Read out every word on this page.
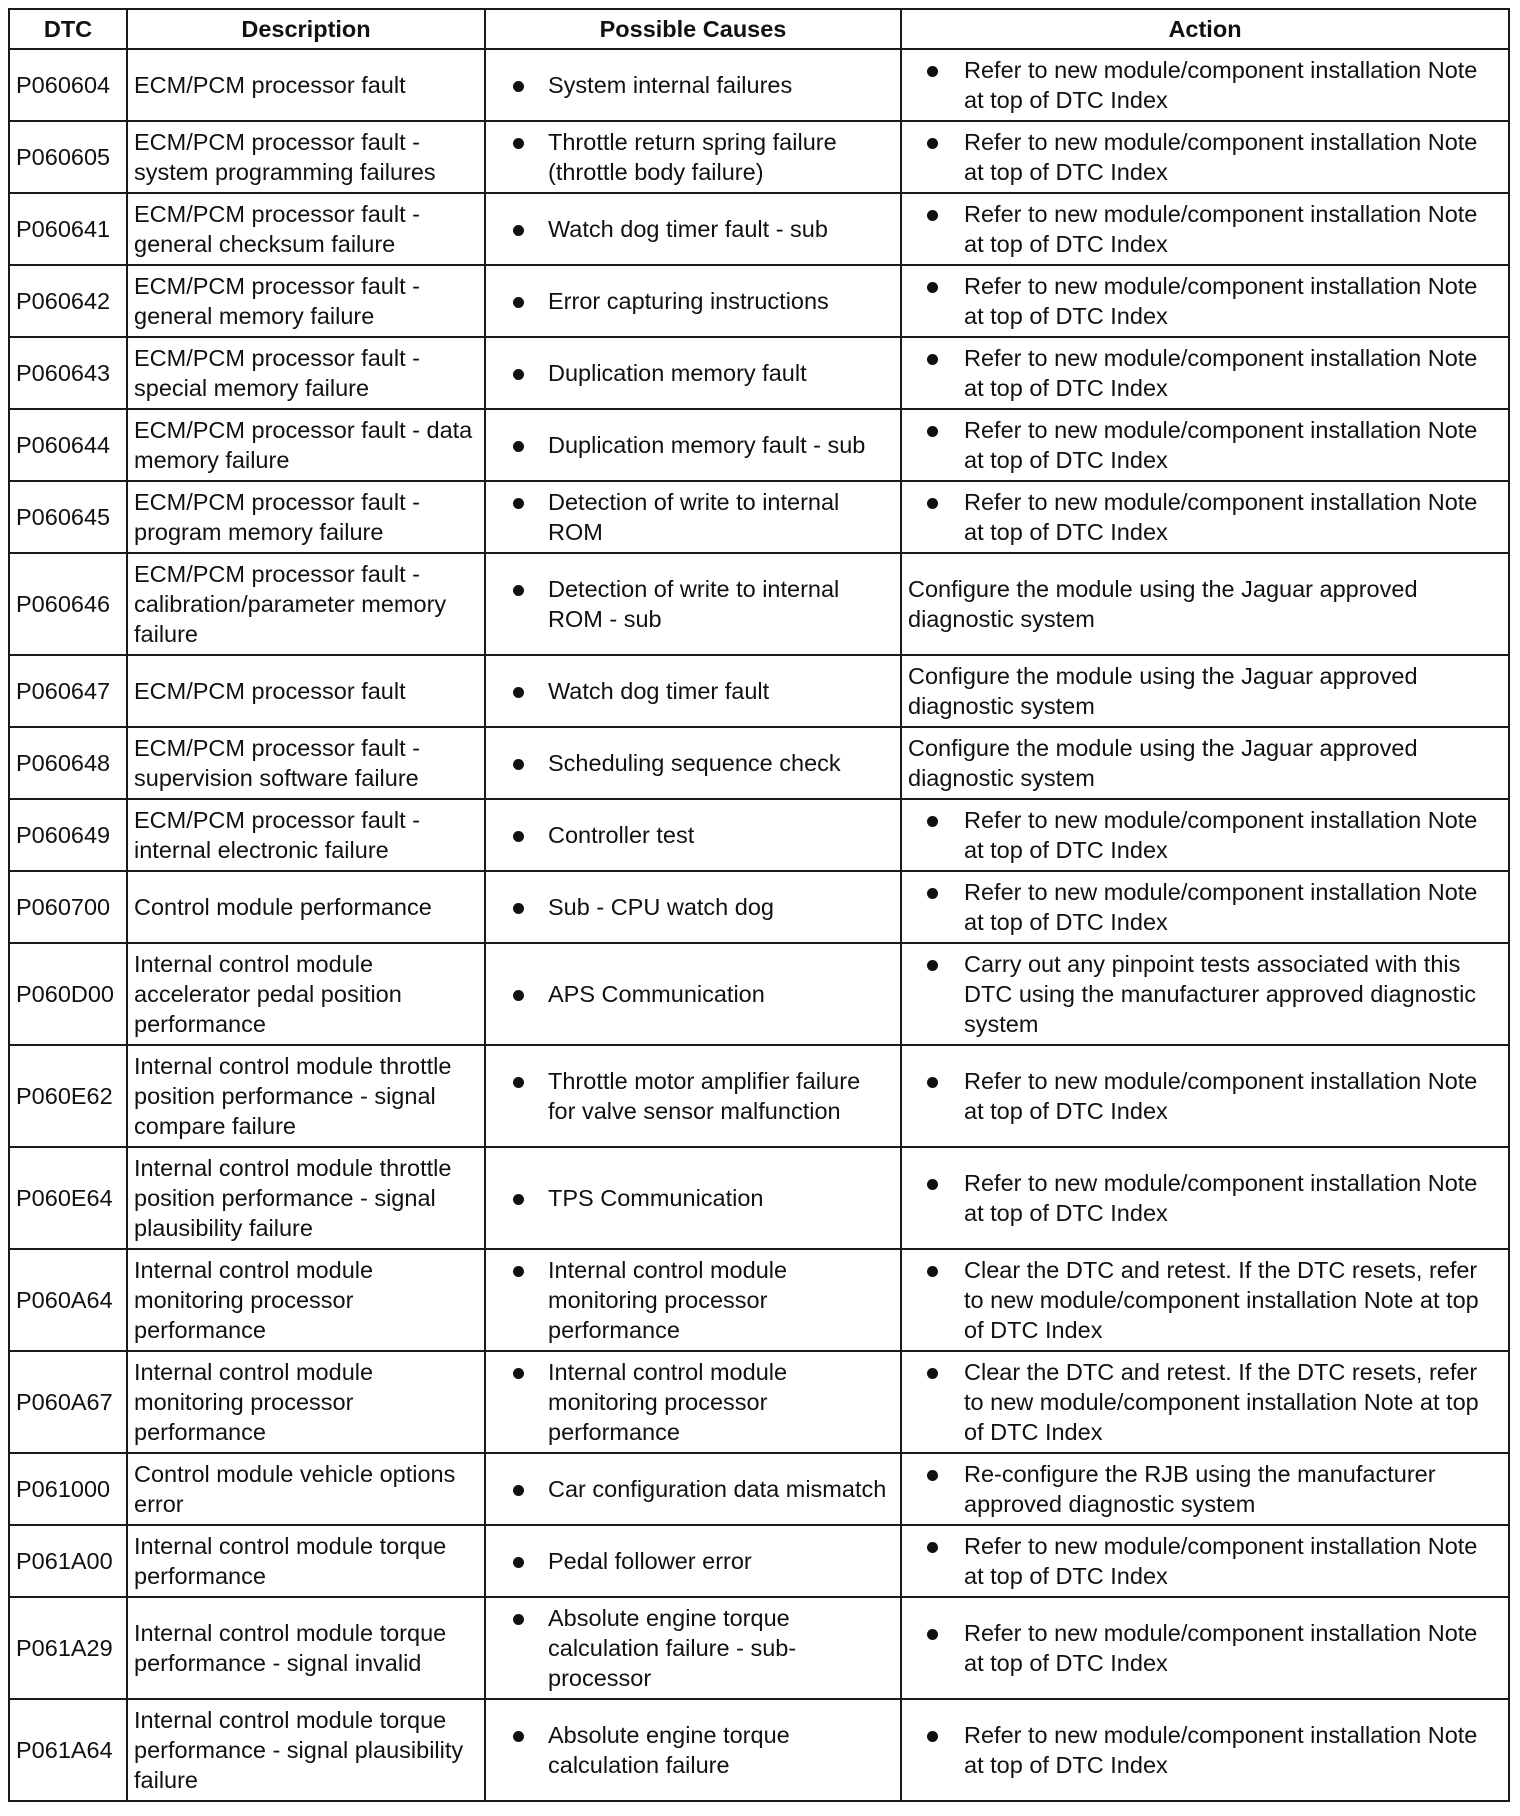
DTC	Description	Possible Causes	Action
P060604	ECM/PCM processor fault	System internal failures	Refer to new module/component installation Note at top of DTC Index

P060605	ECM/PCM processor fault - system programming failures	Throttle return spring failure (throttle body failure)	Refer to new module/component installation Note at top of DTC Index

P060641	ECM/PCM processor fault - general checksum failure	Watch dog timer fault - sub	Refer to new module/component installation Note at top of DTC Index

P060642	ECM/PCM processor fault - general memory failure	Error capturing instructions	Refer to new module/component installation Note at top of DTC Index

P060643	ECM/PCM processor fault - special memory failure	Duplication memory fault	Refer to new module/component installation Note at top of DTC Index

P060644	ECM/PCM processor fault - data memory failure	Duplication memory fault - sub	Refer to new module/component installation Note at top of DTC Index

P060645	ECM/PCM processor fault - program memory failure	Detection of write to internal ROM	Refer to new module/component installation Note at top of DTC Index

P060646	ECM/PCM processor fault - calibration/parameter memory failure	Detection of write to internal ROM - sub	Configure the module using the Jaguar approved diagnostic system

P060647	ECM/PCM processor fault	Watch dog timer fault	Configure the module using the Jaguar approved diagnostic system

P060648	ECM/PCM processor fault - supervision software failure	Scheduling sequence check	Configure the module using the Jaguar approved diagnostic system

P060649	ECM/PCM processor fault - internal electronic failure	Controller test	Refer to new module/component installation Note at top of DTC Index

P060700	Control module performance	Sub - CPU watch dog	Refer to new module/component installation Note at top of DTC Index

P060D00	Internal control module accelerator pedal position performance	APS Communication	Carry out any pinpoint tests associated with this DTC using the manufacturer approved diagnostic system

P060E62	Internal control module throttle position performance - signal compare failure	Throttle motor amplifier failure for valve sensor malfunction	Refer to new module/component installation Note at top of DTC Index

P060E64	Internal control module throttle position performance - signal plausibility failure	TPS Communication	Refer to new module/component installation Note at top of DTC Index

P060A64	Internal control module monitoring processor performance	Internal control module monitoring processor performance	Clear the DTC and retest. If the DTC resets, refer to new module/component installation Note at top of DTC Index

P060A67	Internal control module monitoring processor performance	Internal control module monitoring processor performance	Clear the DTC and retest. If the DTC resets, refer to new module/component installation Note at top of DTC Index

P061000	Control module vehicle options error	Car configuration data mismatch	Re-configure the RJB using the manufacturer approved diagnostic system

P061A00	Internal control module torque performance	Pedal follower error	Refer to new module/component installation Note at top of DTC Index

P061A29	Internal control module torque performance - signal invalid	Absolute engine torque calculation failure - sub-processor	Refer to new module/component installation Note at top of DTC Index

P061A64	Internal control module torque performance - signal plausibility failure	Absolute engine torque calculation failure	Refer to new module/component installation Note at top of DTC Index
